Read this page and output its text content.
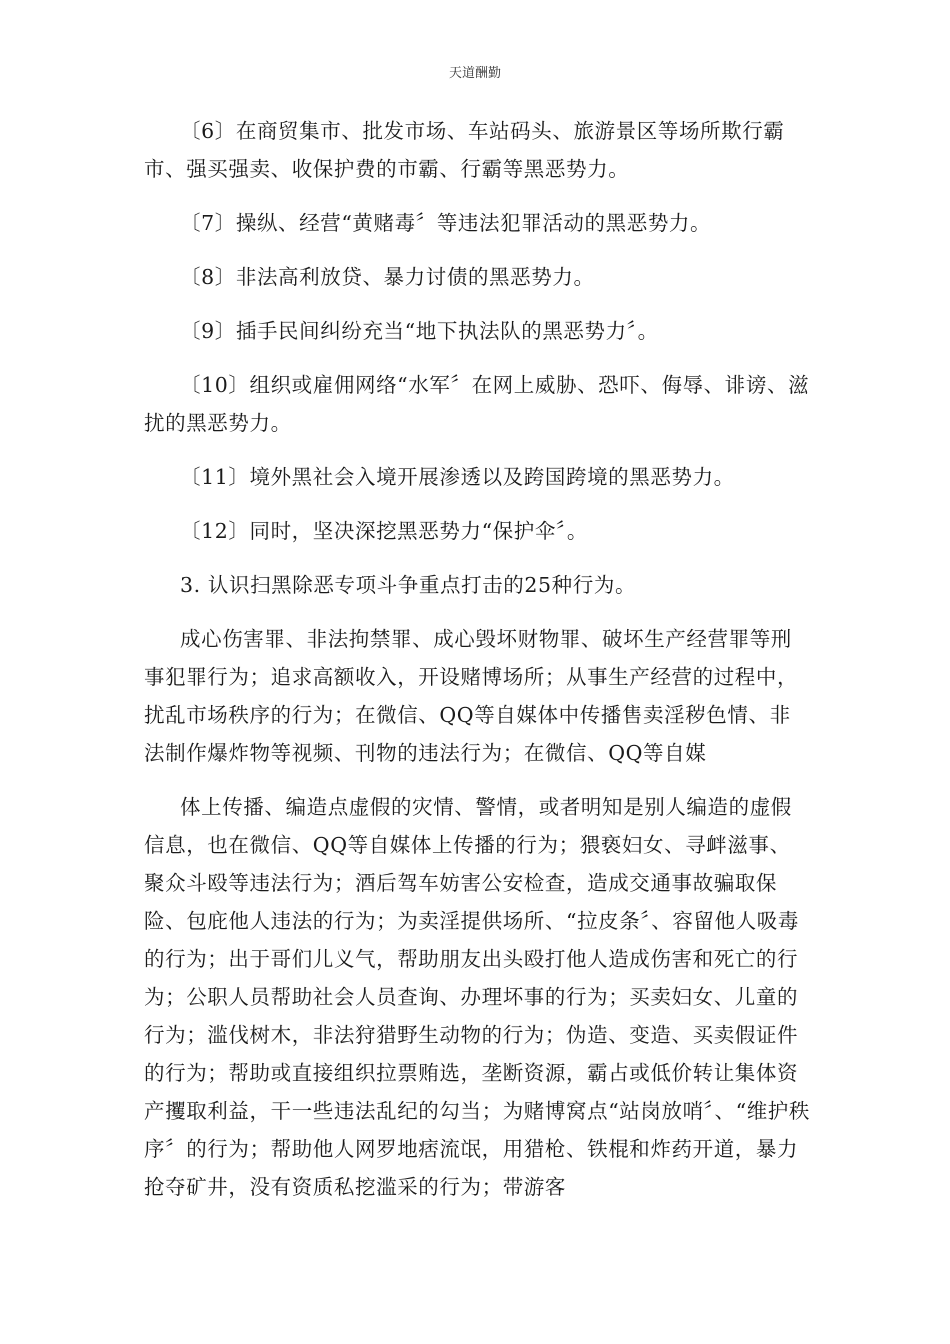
天道酬勤

〔6〕在商贸集市、批发市场、车站码头、旅游景区等场所欺行霸市、强买强卖、收保护费的市霸、行霸等黑恶势力。

〔7〕操纵、经营“黄赌毒〞等违法犯罪活动的黑恶势力。

〔8〕非法高利放贷、暴力讨债的黑恶势力。

〔9〕插手民间纠纷充当“地下执法队的黑恶势力〞。

〔10〕组织或雇佣网络“水军〞在网上威胁、恐吓、侮辱、诽谤、滋扰的黑恶势力。

〔11〕境外黑社会入境开展渗透以及跨国跨境的黑恶势力。

〔12〕同时，坚决深挖黑恶势力“保护伞〞。

3. 认识扫黑除恶专项斗争重点打击的25种行为。

成心伤害罪、非法拘禁罪、成心毁坏财物罪、破坏生产经营罪等刑事犯罪行为；追求高额收入，开设赌博场所；从事生产经营的过程中，扰乱市场秩序的行为；在微信、QQ等自媒体中传播售卖淫秽色情、非法制作爆炸物等视频、刊物的违法行为；在微信、QQ等自媒

体上传播、编造点虚假的灾情、警情，或者明知是别人编造的虚假信息，也在微信、QQ等自媒体上传播的行为；猥亵妇女、寻衅滋事、聚众斗殴等违法行为；酒后驾车妨害公安检查，造成交通事故骗取保险、包庇他人违法的行为；为卖淫提供场所、“拉皮条〞、容留他人吸毒的行为；出于哥们儿义气，帮助朋友出头殴打他人造成伤害和死亡的行为；公职人员帮助社会人员查询、办理坏事的行为；买卖妇女、儿童的行为；滥伐树木，非法狩猎野生动物的行为；伪造、变造、买卖假证件的行为；帮助或直接组织拉票贿选，垄断资源，霸占或低价转让集体资产攫取利益，干一些违法乱纪的勾当；为赌博窝点“站岗放哨〞、“维护秩序〞的行为；帮助他人网罗地痞流氓，用猎枪、铁棍和炸药开道，暴力抢夺矿井，没有资质私挖滥采的行为；带游客
